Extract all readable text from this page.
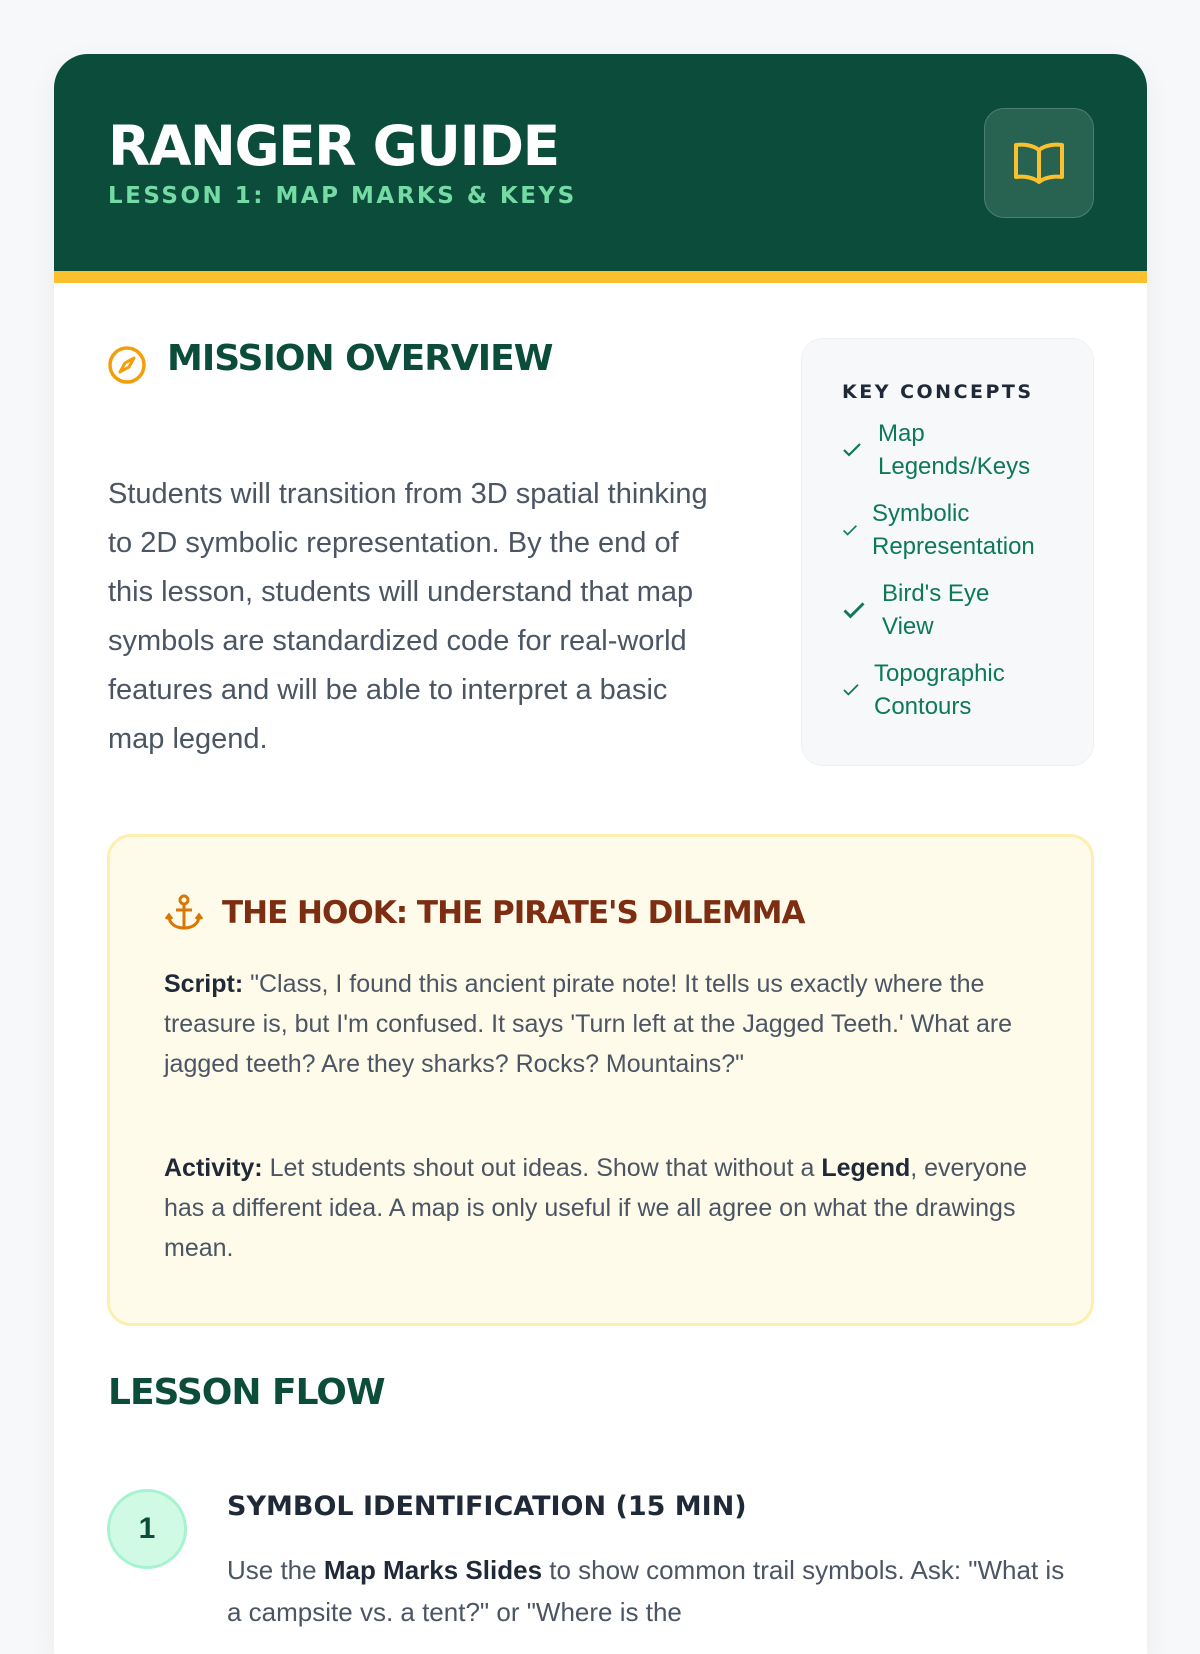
RANGER GUIDE
LESSON 1: MAP MARKS & KEYS
MISSION OVERVIEW

Students will transition from 3D spatial thinking to 2D symbolic representation. By the end of this lesson, students will understand that map symbols are standardized code for real-world features and will be able to interpret a basic map legend.

KEY CONCEPTS
Map
Legends/Keys
Symbolic
Representation
Bird's Eye
View
Topographic
Contours
THE HOOK: THE PIRATE'S DILEMMA

Script: "Class, I found this ancient pirate note! It tells us exactly where the treasure is, but I'm confused. It says 'Turn left at the Jagged Teeth.' What are jagged teeth? Are they sharks? Rocks? Mountains?"

Activity: Let students shout out ideas. Show that without a Legend, everyone has a different idea. A map is only useful if we all agree on what the drawings mean.

LESSON FLOW
1
SYMBOL IDENTIFICATION (15 MIN)

Use the Map Marks Slides to show common trail symbols. Ask: "What is a campsite vs. a tent?" or "Where is the
